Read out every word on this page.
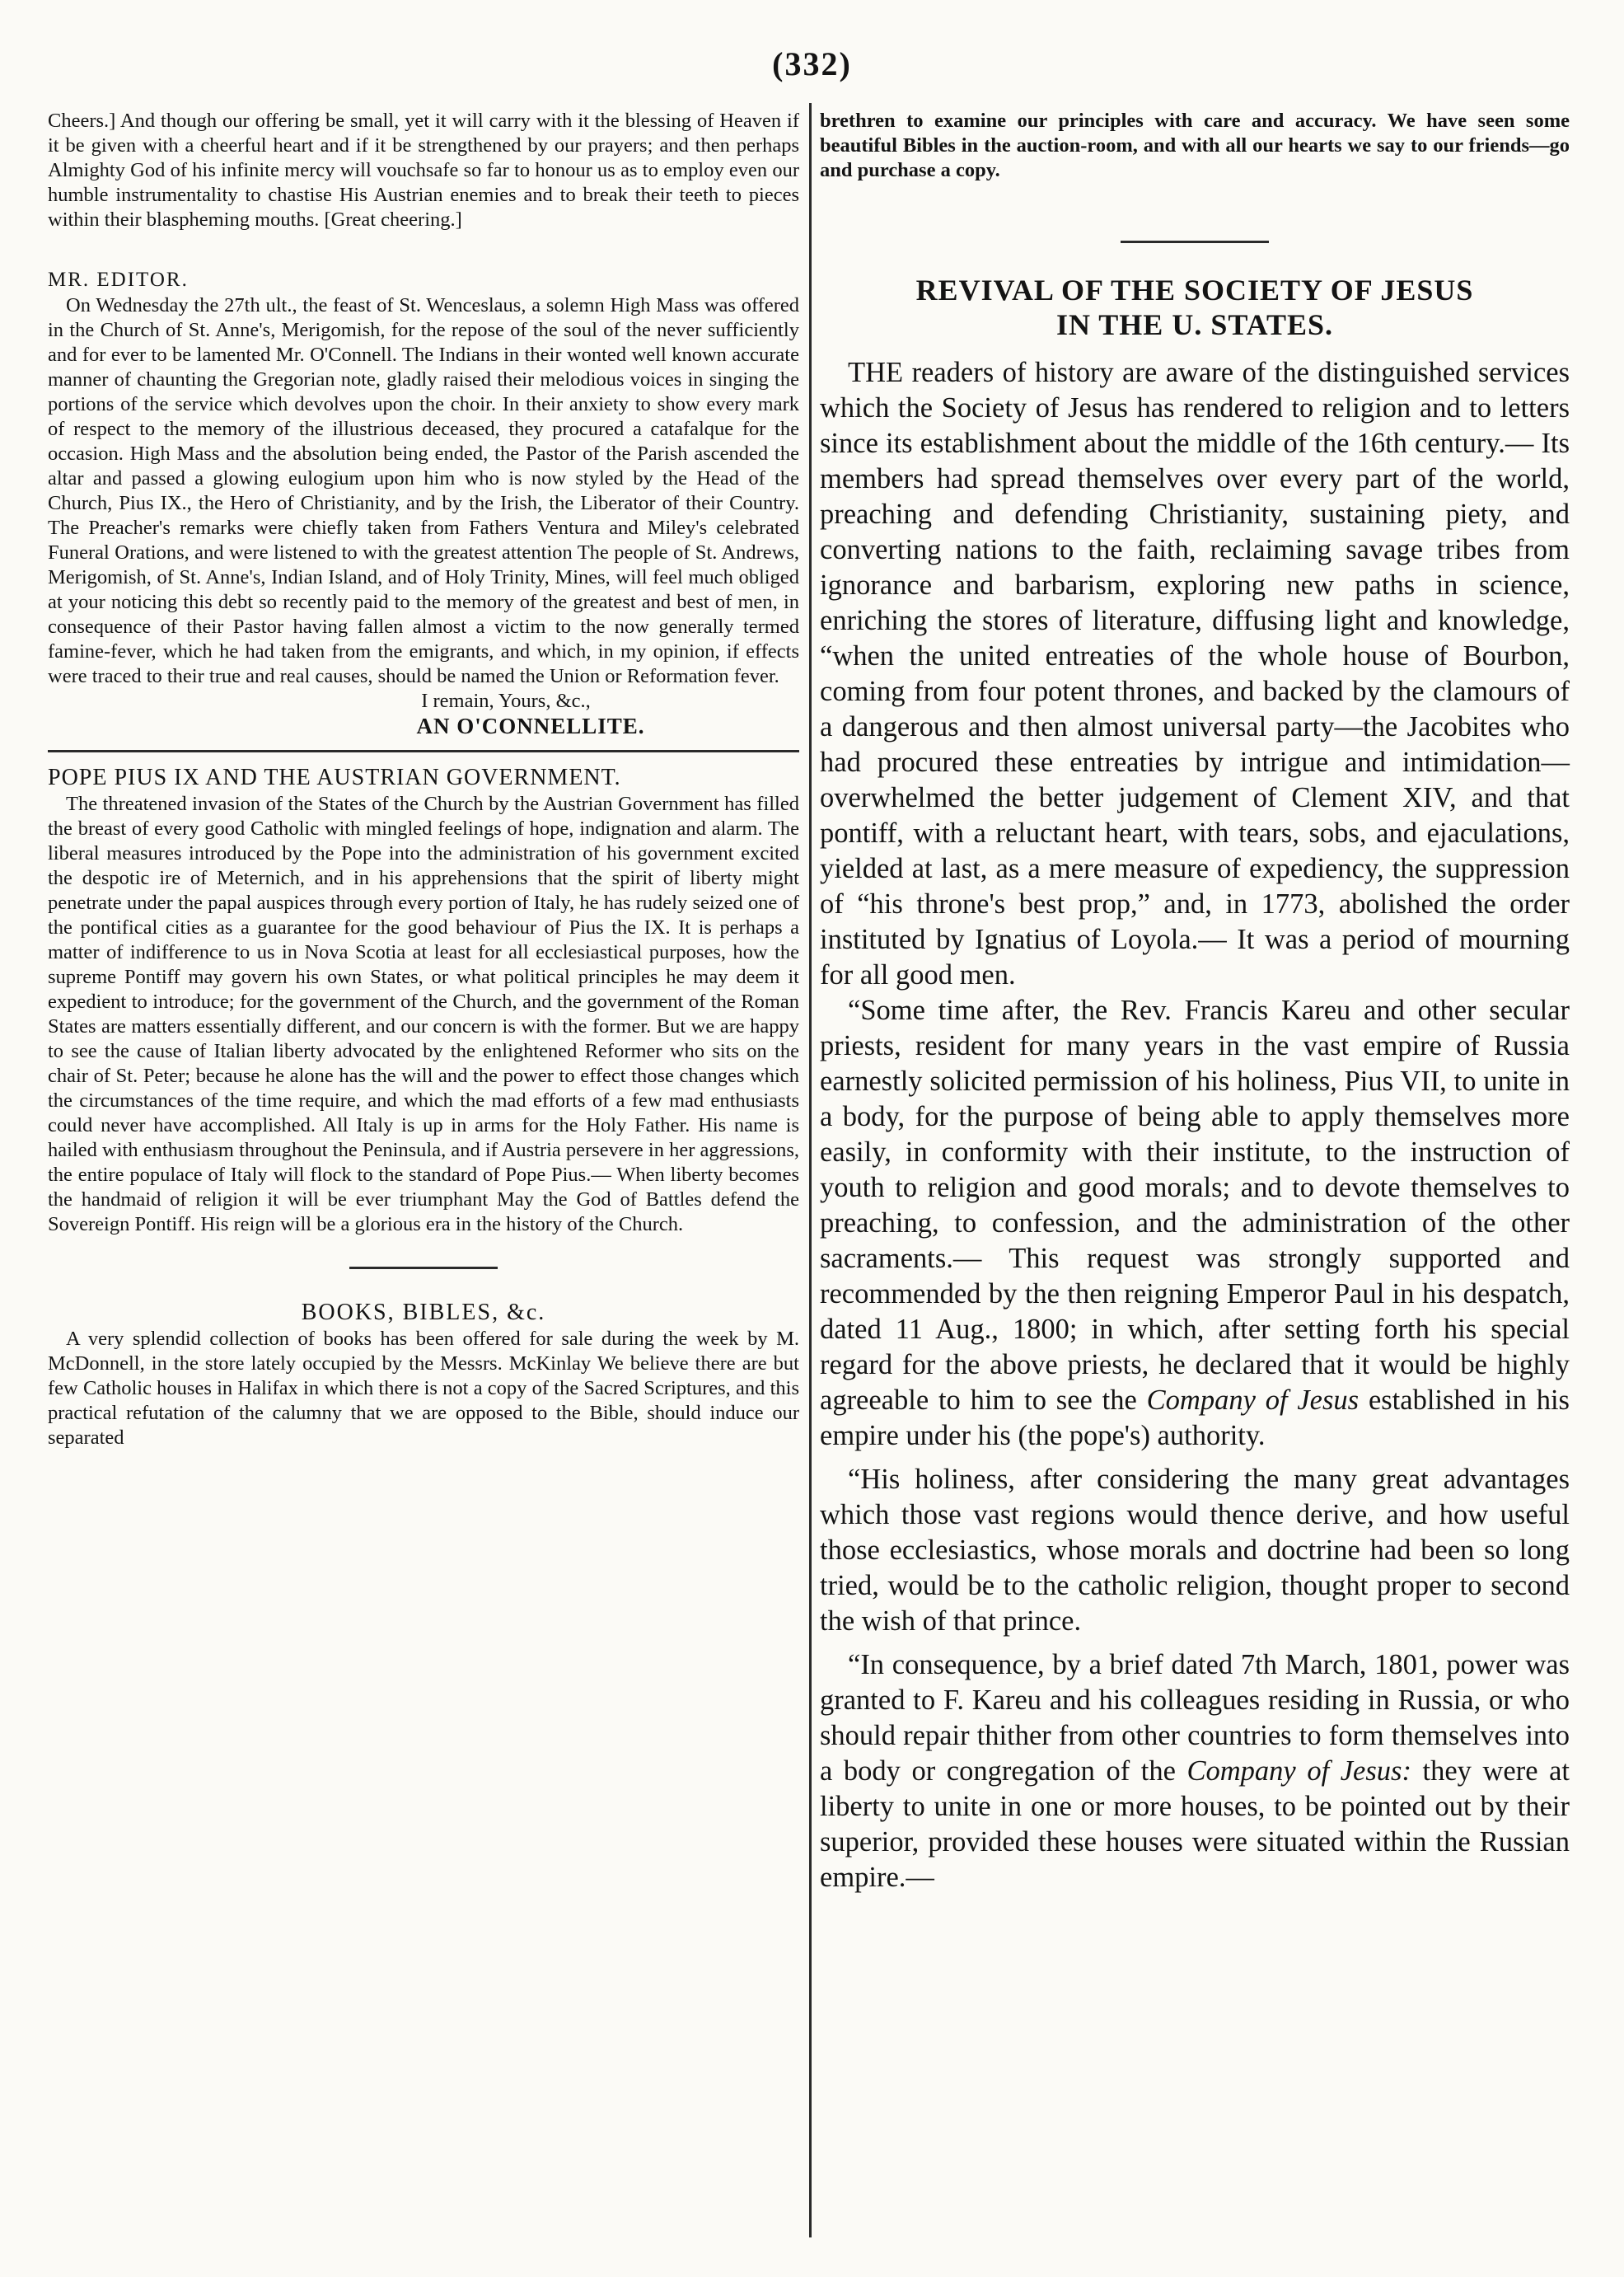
(332)

Cheers.] And though our offering be small, yet it will carry with it the blessing of Heaven if it be given with a cheerful heart and if it be strengthened by our prayers; and then perhaps Almighty God of his infinite mercy will vouchsafe so far to honour us as to employ even our humble instrumentality to chastise His Austrian enemies and to break their teeth to pieces within their blaspheming mouths. [Great cheering.]

MR. EDITOR.

On Wednesday the 27th ult., the feast of St. Wenceslaus, a solemn High Mass was offered in the Church of St. Anne's, Merigomish, for the repose of the soul of the never sufficiently and for ever to be lamented Mr. O'Connell. The Indians in their wonted well known accurate manner of chaunting the Gregorian note, gladly raised their melodious voices in singing the portions of the service which devolves upon the choir. In their anxiety to show every mark of respect to the memory of the illustrious deceased, they procured a catafalque for the occasion. High Mass and the absolution being ended, the Pastor of the Parish ascended the altar and passed a glowing eulogium upon him who is now styled by the Head of the Church, Pius IX., the Hero of Christianity, and by the Irish, the Liberator of their Country. The Preacher's remarks were chiefly taken from Fathers Ventura and Miley's celebrated Funeral Orations, and were listened to with the greatest attention The people of St. Andrews, Merigomish, of St. Anne's, Indian Island, and of Holy Trinity, Mines, will feel much obliged at your noticing this debt so recently paid to the memory of the greatest and best of men, in consequence of their Pastor having fallen almost a victim to the now generally termed famine-fever, which he had taken from the emigrants, and which, in my opinion, if effects were traced to their true and real causes, should be named the Union or Reformation fever.

I remain, Yours, &c.,
AN O'CONNELLITE.
POPE PIUS IX AND THE AUSTRIAN GOVERNMENT.

The threatened invasion of the States of the Church by the Austrian Government has filled the breast of every good Catholic with mingled feelings of hope, indignation and alarm. The liberal measures introduced by the Pope into the administration of his government excited the despotic ire of Meternich, and in his apprehensions that the spirit of liberty might penetrate under the papal auspices through every portion of Italy, he has rudely seized one of the pontifical cities as a guarantee for the good behaviour of Pius the IX. It is perhaps a matter of indifference to us in Nova Scotia at least for all ecclesiastical purposes, how the supreme Pontiff may govern his own States, or what political principles he may deem it expedient to introduce; for the government of the Church, and the government of the Roman States are matters essentially different, and our concern is with the former. But we are happy to see the cause of Italian liberty advocated by the enlightened Reformer who sits on the chair of St. Peter; because he alone has the will and the power to effect those changes which the circumstances of the time require, and which the mad efforts of a few mad enthusiasts could never have accomplished. All Italy is up in arms for the Holy Father. His name is hailed with enthusiasm throughout the Peninsula, and if Austria persevere in her aggressions, the entire populace of Italy will flock to the standard of Pope Pius.— When liberty becomes the handmaid of religion it will be ever triumphant May the God of Battles defend the Sovereign Pontiff. His reign will be a glorious era in the history of the Church.

BOOKS, BIBLES, &c.

A very splendid collection of books has been offered for sale during the week by M. McDonnell, in the store lately occupied by the Messrs. McKinlay We believe there are but few Catholic houses in Halifax in which there is not a copy of the Sacred Scriptures, and this practical refutation of the calumny that we are opposed to the Bible, should induce our separated

brethren to examine our principles with care and accuracy. We have seen some beautiful Bibles in the auction-room, and with all our hearts we say to our friends—go and purchase a copy.

REVIVAL OF THE SOCIETY OF JESUS
IN THE U. STATES.

THE readers of history are aware of the distinguished services which the Society of Jesus has rendered to religion and to letters since its establishment about the middle of the 16th century.— Its members had spread themselves over every part of the world, preaching and defending Christianity, sustaining piety, and converting nations to the faith, reclaiming savage tribes from ignorance and barbarism, exploring new paths in science, enriching the stores of literature, diffusing light and knowledge, “when the united entreaties of the whole house of Bourbon, coming from four potent thrones, and backed by the clamours of a dangerous and then almost universal party—the Jacobites who had procured these entreaties by intrigue and intimidation—overwhelmed the better judgement of Clement XIV, and that pontiff, with a reluctant heart, with tears, sobs, and ejaculations, yielded at last, as a mere measure of expediency, the suppression of “his throne's best prop,” and, in 1773, abolished the order instituted by Ignatius of Loyola.— It was a period of mourning for all good men.

“Some time after, the Rev. Francis Kareu and other secular priests, resident for many years in the vast empire of Russia earnestly solicited permission of his holiness, Pius VII, to unite in a body, for the purpose of being able to apply themselves more easily, in conformity with their institute, to the instruction of youth to religion and good morals; and to devote themselves to preaching, to confession, and the administration of the other sacraments.— This request was strongly supported and recommended by the then reigning Emperor Paul in his despatch, dated 11 Aug., 1800; in which, after setting forth his special regard for the above priests, he declared that it would be highly agreeable to him to see the Company of Jesus established in his empire under his (the pope's) authority.

“His holiness, after considering the many great advantages which those vast regions would thence derive, and how useful those ecclesiastics, whose morals and doctrine had been so long tried, would be to the catholic religion, thought proper to second the wish of that prince.

“In consequence, by a brief dated 7th March, 1801, power was granted to F. Kareu and his colleagues residing in Russia, or who should repair thither from other countries to form themselves into a body or congregation of the Company of Jesus: they were at liberty to unite in one or more houses, to be pointed out by their superior, provided these houses were situated within the Russian empire.—
